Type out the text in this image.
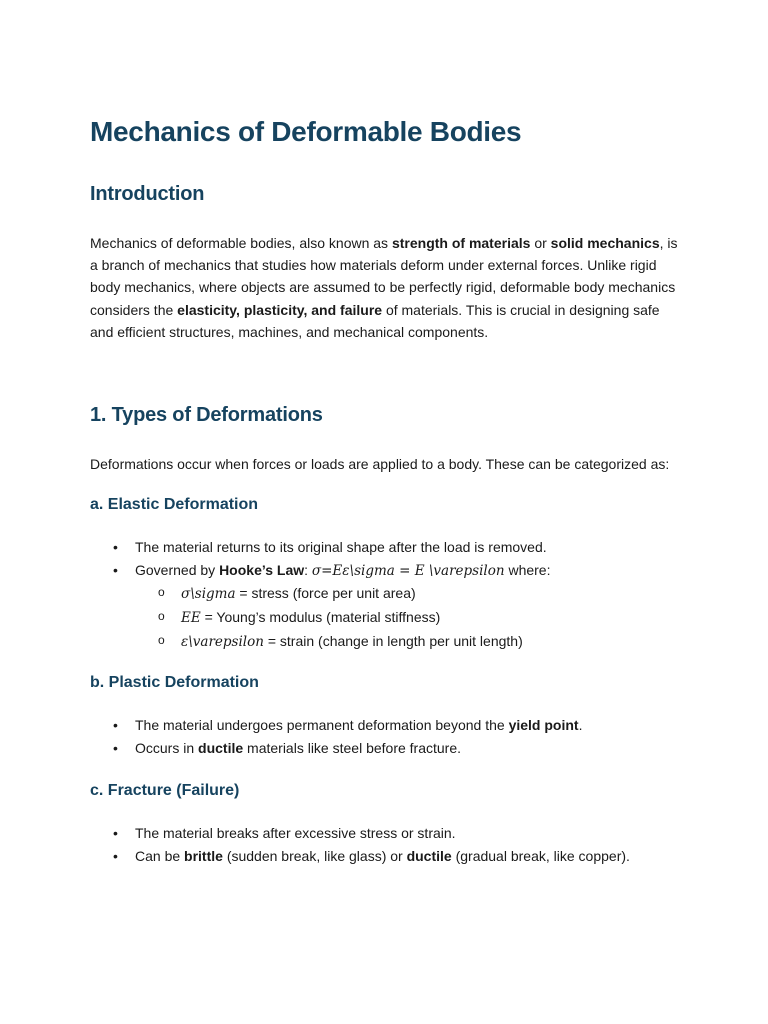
Mechanics of Deformable Bodies
Introduction

Mechanics of deformable bodies, also known as strength of materials or solid mechanics, is a branch of mechanics that studies how materials deform under external forces. Unlike rigid body mechanics, where objects are assumed to be perfectly rigid, deformable body mechanics considers the elasticity, plasticity, and failure of materials. This is crucial in designing safe and efficient structures, machines, and mechanical components.

1. Types of Deformations

Deformations occur when forces or loads are applied to a body. These can be categorized as:

a. Elastic Deformation
• The material returns to its original shape after the load is removed.
• Governed by Hooke’s Law: σ=Eε\sigma = E \varepsilon where:
o σ\sigma = stress (force per unit area)
o EE = Young’s modulus (material stiffness)
o ε\varepsilon = strain (change in length per unit length)
b. Plastic Deformation
• The material undergoes permanent deformation beyond the yield point.
• Occurs in ductile materials like steel before fracture.
c. Fracture (Failure)
• The material breaks after excessive stress or strain.
• Can be brittle (sudden break, like glass) or ductile (gradual break, like copper).
